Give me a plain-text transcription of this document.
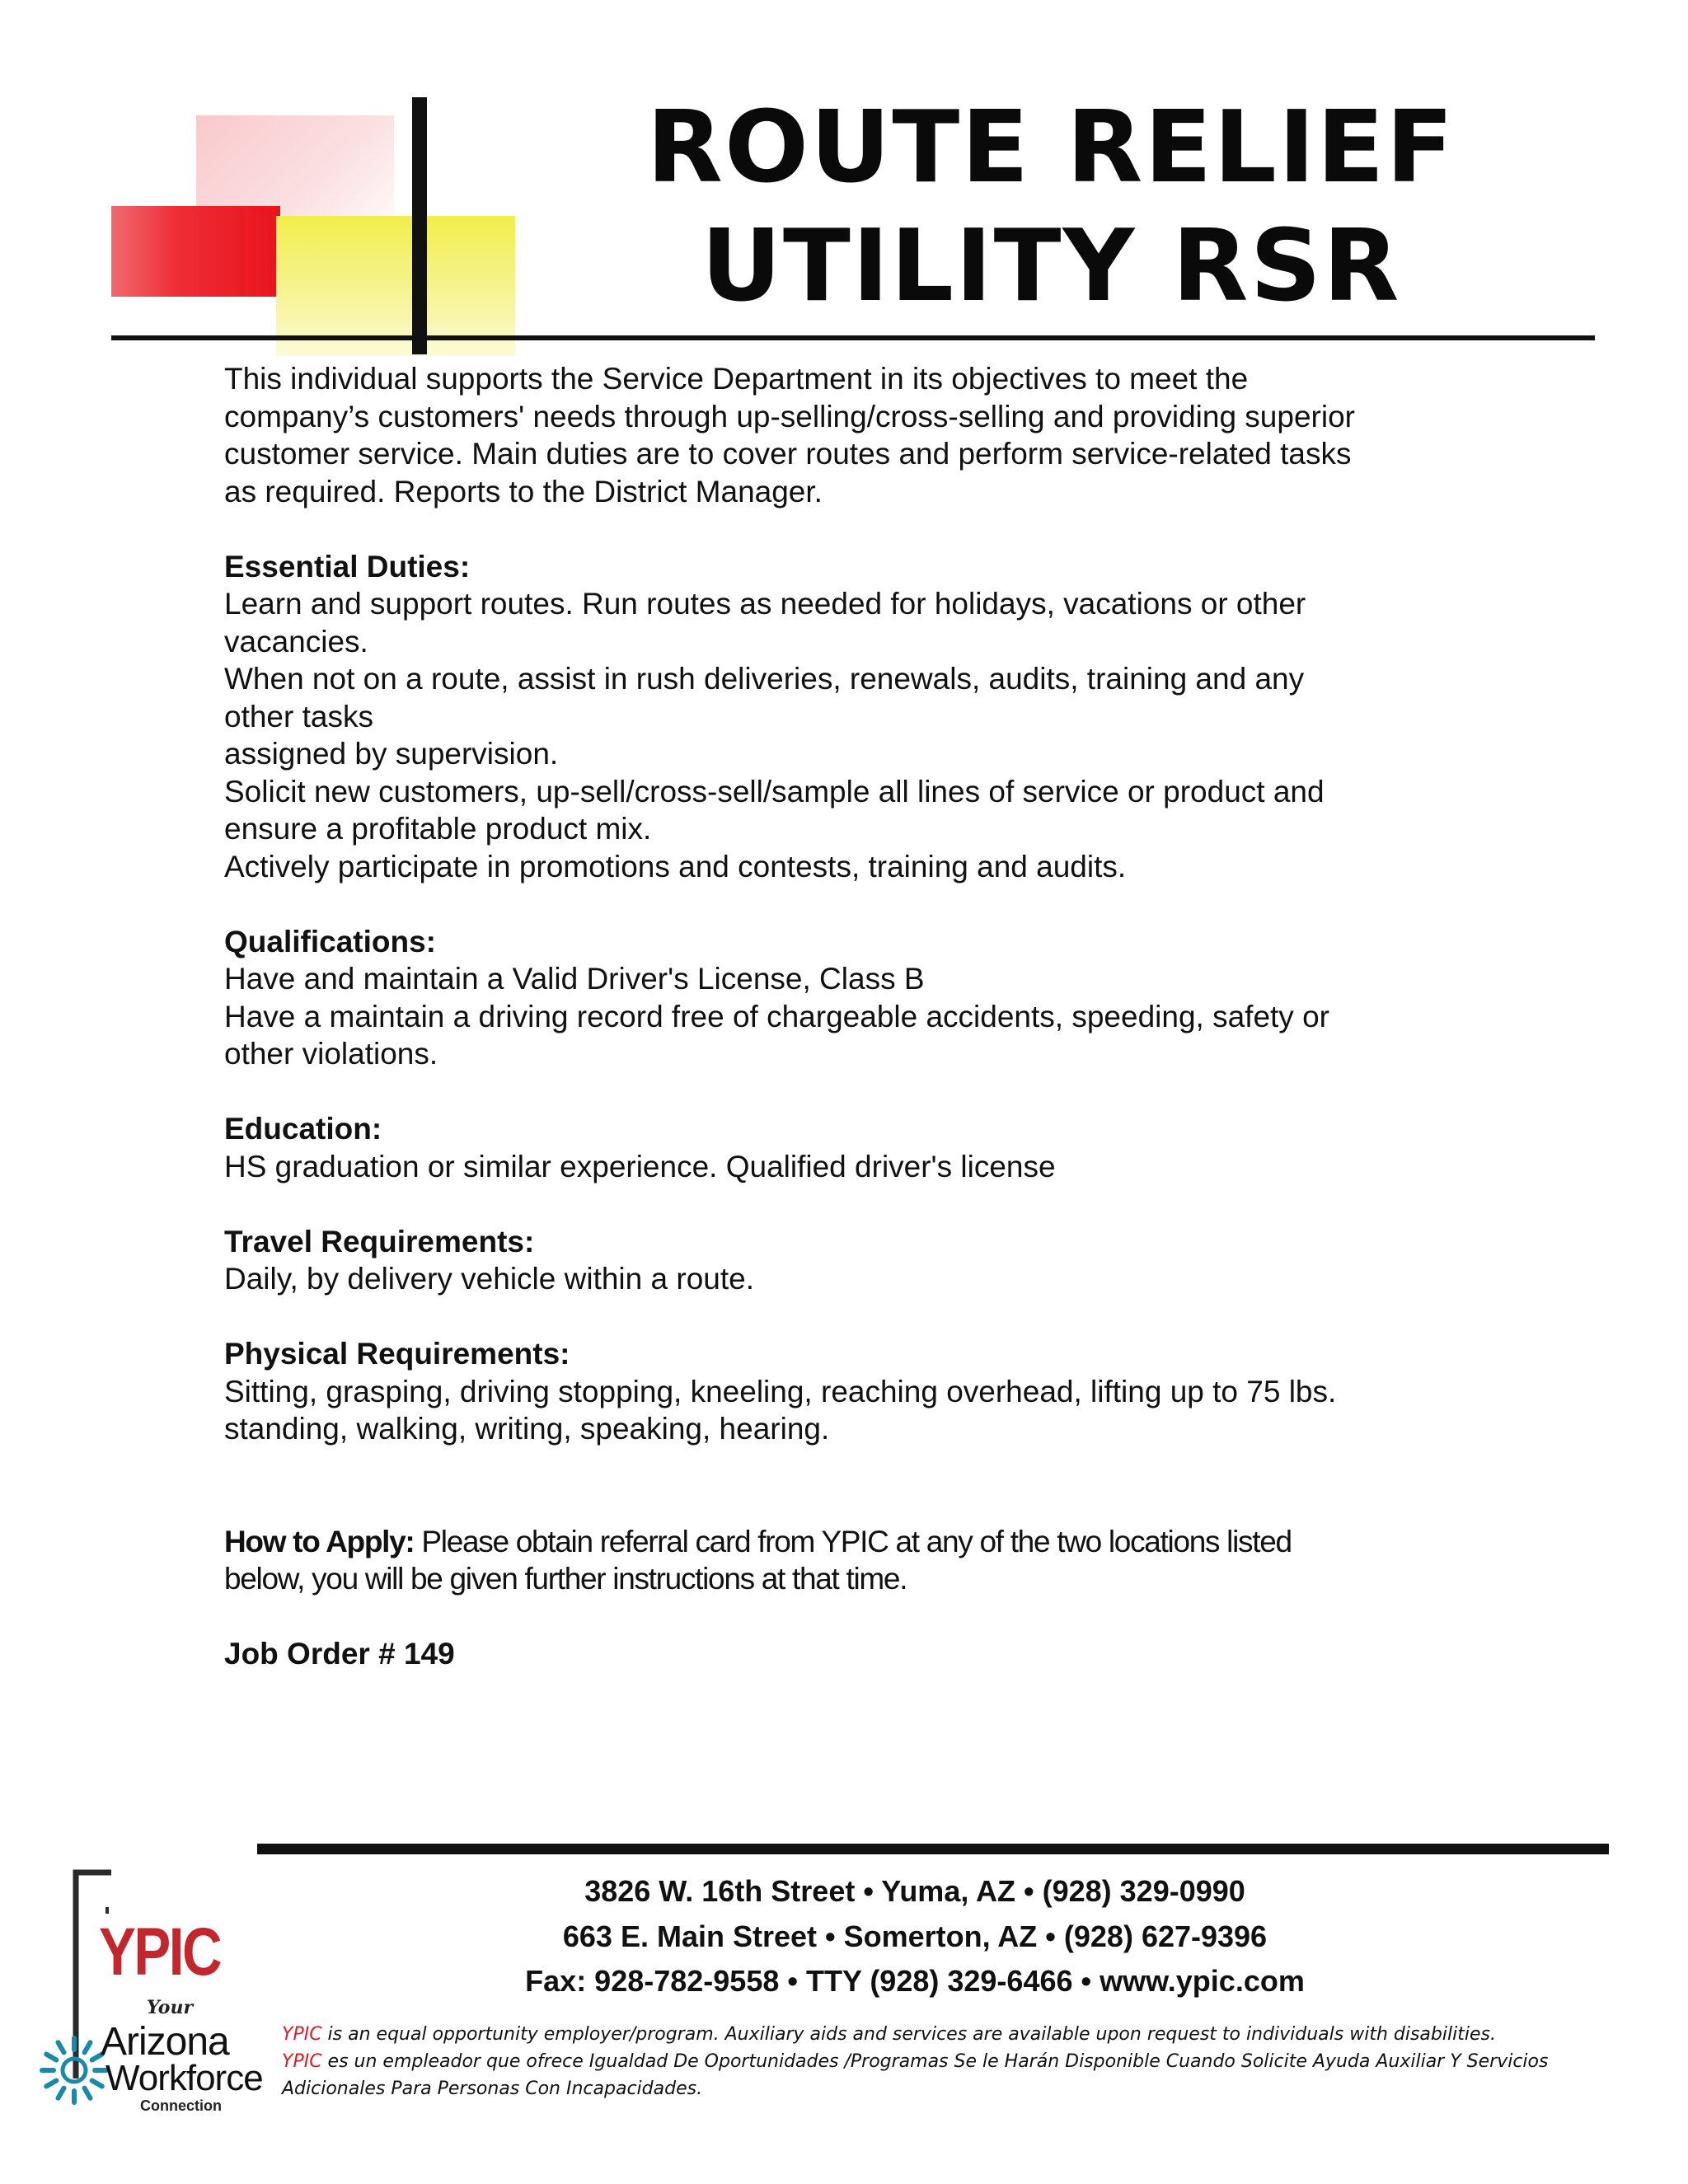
ROUTE RELIEF
UTILITY RSR

This individual supports the Service Department in its objectives to meet the

company’s customers' needs through up-selling/cross-selling and providing superior

customer service. Main duties are to cover routes and perform service-related tasks

as required. Reports to the District Manager.

Essential Duties:

Learn and support routes. Run routes as needed for holidays, vacations or other

vacancies.

When not on a route, assist in rush deliveries, renewals, audits, training and any

other tasks

assigned by supervision.

Solicit new customers, up-sell/cross-sell/sample all lines of service or product and

ensure a profitable product mix.

Actively participate in promotions and contests, training and audits.

Qualifications:

Have and maintain a Valid Driver's License, Class B

Have a maintain a driving record free of chargeable accidents, speeding, safety or

other violations.

Education:

HS graduation or similar experience. Qualified driver's license

Travel Requirements:

Daily, by delivery vehicle within a route.

Physical Requirements:

Sitting, grasping, driving stopping, kneeling, reaching overhead, lifting up to 75 lbs.

standing, walking, writing, speaking, hearing.

How to Apply: Please obtain referral card from YPIC at any of the two locations listed

below, you will be given further instructions at that time.

Job Order # 149

YPIC
Your
Arizona
Workforce
Connection

3826 W. 16th Street • Yuma, AZ • (928) 329-0990

663 E. Main Street • Somerton, AZ • (928) 627-9396

Fax: 928-782-9558 • TTY (928) 329-6466 • www.ypic.com

YPIC is an equal opportunity employer/program. Auxiliary aids and services are available upon request to individuals with disabilities.

YPIC es un empleador que ofrece Igualdad De Oportunidades /Programas Se le Harán Disponible Cuando Solicite Ayuda Auxiliar Y Servicios

Adicionales Para Personas Con Incapacidades.
